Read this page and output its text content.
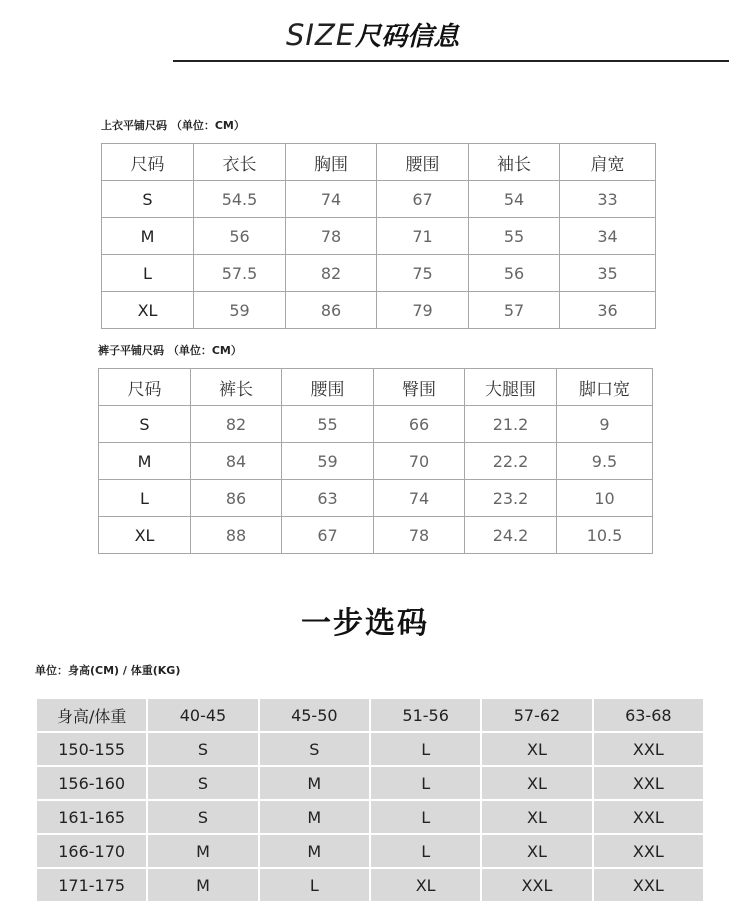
SIZE尺码信息
上衣平铺尺码 （单位：CM）
尺码	衣长	胸围	腰围	袖长	肩宽
S	54.5	74	67	54	33
M	56	78	71	55	34
L	57.5	82	75	56	35
XL	59	86	79	57	36
裤子平铺尺码 （单位：CM）
尺码	裤长	腰围	臀围	大腿围	脚口宽
S	82	55	66	21.2	9
M	84	59	70	22.2	9.5
L	86	63	74	23.2	10
XL	88	67	78	24.2	10.5
一步选码
单位：身高(CM) / 体重(KG)
身高/体重	40-45	45-50	51-56	57-62	63-68
150-155	S	S	L	XL	XXL
156-160	S	M	L	XL	XXL
161-165	S	M	L	XL	XXL
166-170	M	M	L	XL	XXL
171-175	M	L	XL	XXL	XXL
